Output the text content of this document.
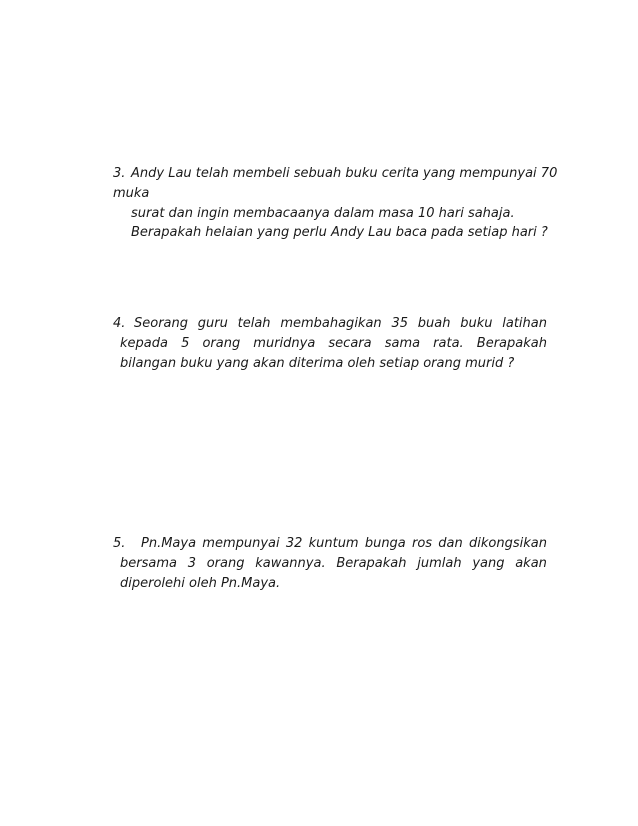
3. Andy Lau telah membeli sebuah buku cerita yang mempunyai 70
muka
surat dan ingin membacaanya dalam masa 10 hari sahaja.
Berapakah helaian yang perlu Andy Lau baca pada setiap hari ?
4. Seorang guru telah membahagikan 35 buah buku latihan
kepada 5 orang muridnya secara sama rata. Berapakah
bilangan buku yang akan diterima oleh setiap orang murid ?
5. Pn.Maya mempunyai 32 kuntum bunga ros dan dikongsikan
bersama 3 orang kawannya. Berapakah jumlah yang akan
diperolehi oleh Pn.Maya.
